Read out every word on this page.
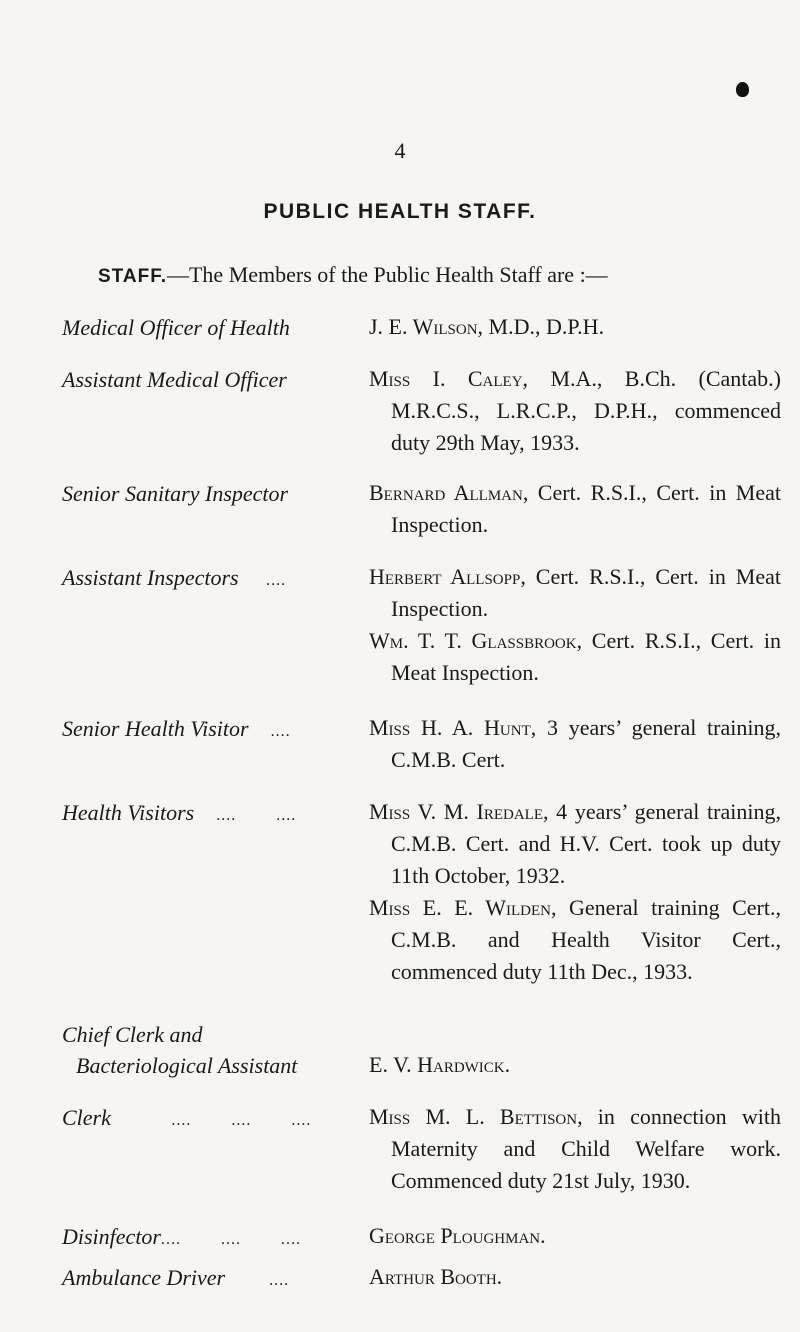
4
PUBLIC HEALTH STAFF.
STAFF.—The Members of the Public Health Staff are :—
Medical Officer of Health	J. E. Wilson, M.D., D.P.H.
Assistant Medical Officer	Miss I. Caley, M.A., B.Ch. (Cantab.) M.R.C.S., L.R.C.P., D.P.H., commenced duty 29th May, 1933.
Senior Sanitary Inspector	Bernard Allman, Cert. R.S.I., Cert. in Meat Inspection.
Assistant Inspectors ....	Herbert Allsopp, Cert. R.S.I., Cert. in Meat Inspection.
Wm. T. T. Glassbrook, Cert. R.S.I., Cert. in Meat Inspection.
Senior Health Visitor ....	Miss H. A. Hunt, 3 years’ general training, C.M.B. Cert.
Health Visitors ....        ....	Miss V. M. Iredale, 4 years’ general training, C.M.B. Cert. and H.V. Cert. took up duty 11th October, 1932.
Miss E. E. Wilden, General training Cert., C.M.B. and Health Visitor Cert., commenced duty 11th Dec., 1933.
Chief Clerk and
Bacteriological Assistant	E. V. Hardwick.
Clerk	....        ....        ....	Miss M. L. Bettison, in connection with Maternity and Child Welfare work. Commenced duty 21st July, 1930.
Disinfector....        ....        ....	George Ploughman.
Ambulance Driver	....	Arthur Booth.
